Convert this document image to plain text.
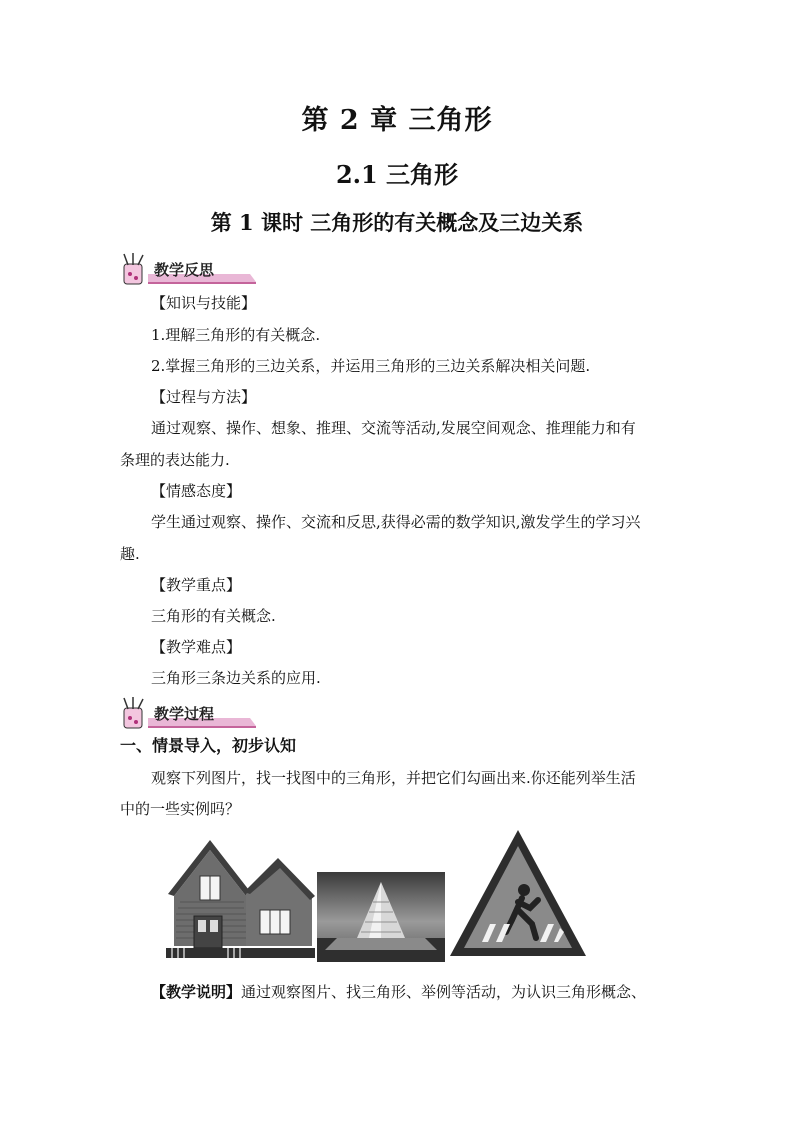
第 2 章 三角形
2.1 三角形
第 1 课时 三角形的有关概念及三边关系
教学反思
【知识与技能】
1.理解三角形的有关概念.
2.掌握三角形的三边关系，并运用三角形的三边关系解决相关问题.
【过程与方法】
通过观察、操作、想象、推理、交流等活动,发展空间观念、推理能力和有
条理的表达能力.
【情感态度】
学生通过观察、操作、交流和反思,获得必需的数学知识,激发学生的学习兴
趣.
【教学重点】
三角形的有关概念.
【教学难点】
三角形三条边关系的应用.
教学过程
一、情景导入，初步认知
观察下列图片，找一找图中的三角形，并把它们勾画出来.你还能列举生活
中的一些实例吗？
【教学说明】通过观察图片、找三角形、举例等活动，为认识三角形概念、
